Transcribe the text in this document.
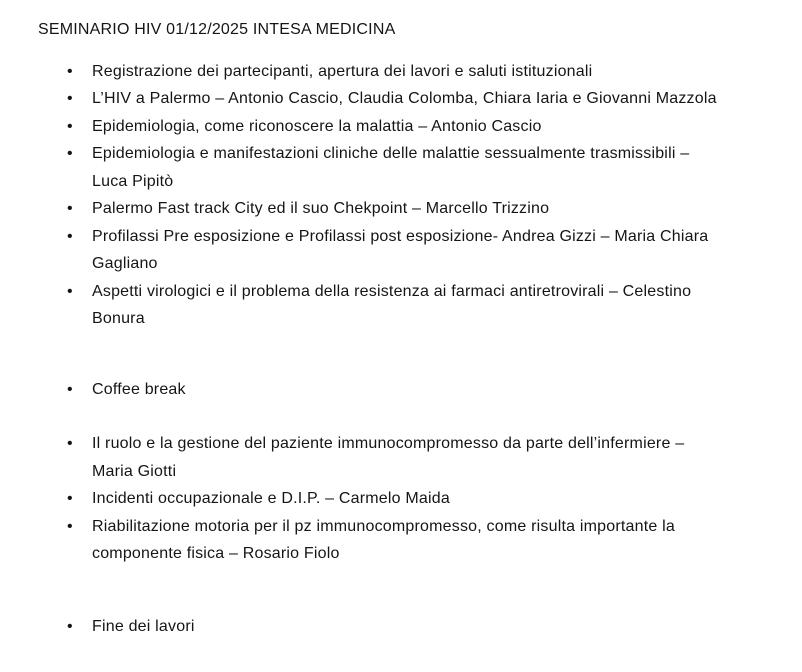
SEMINARIO HIV 01/12/2025 INTESA MEDICINA
• Registrazione dei partecipanti, apertura dei lavori e saluti istituzionali
• L’HIV a Palermo – Antonio Cascio, Claudia Colomba, Chiara Iaria e Giovanni Mazzola
• Epidemiologia, come riconoscere la malattia – Antonio Cascio
• Epidemiologia e manifestazioni cliniche delle malattie sessualmente trasmissibili – Luca Pipitò
• Palermo Fast track City ed il suo Chekpoint – Marcello Trizzino
• Profilassi Pre esposizione e Profilassi post esposizione- Andrea Gizzi – Maria Chiara Gagliano
• Aspetti virologici e il problema della resistenza ai farmaci antiretrovirali – Celestino Bonura
• Coffee break
• Il ruolo e la gestione del paziente immunocompromesso da parte dell’infermiere – Maria Giotti
• Incidenti occupazionale e D.I.P. – Carmelo Maida
• Riabilitazione motoria per il pz immunocompromesso, come risulta importante la componente fisica – Rosario Fiolo
• Fine dei lavori
